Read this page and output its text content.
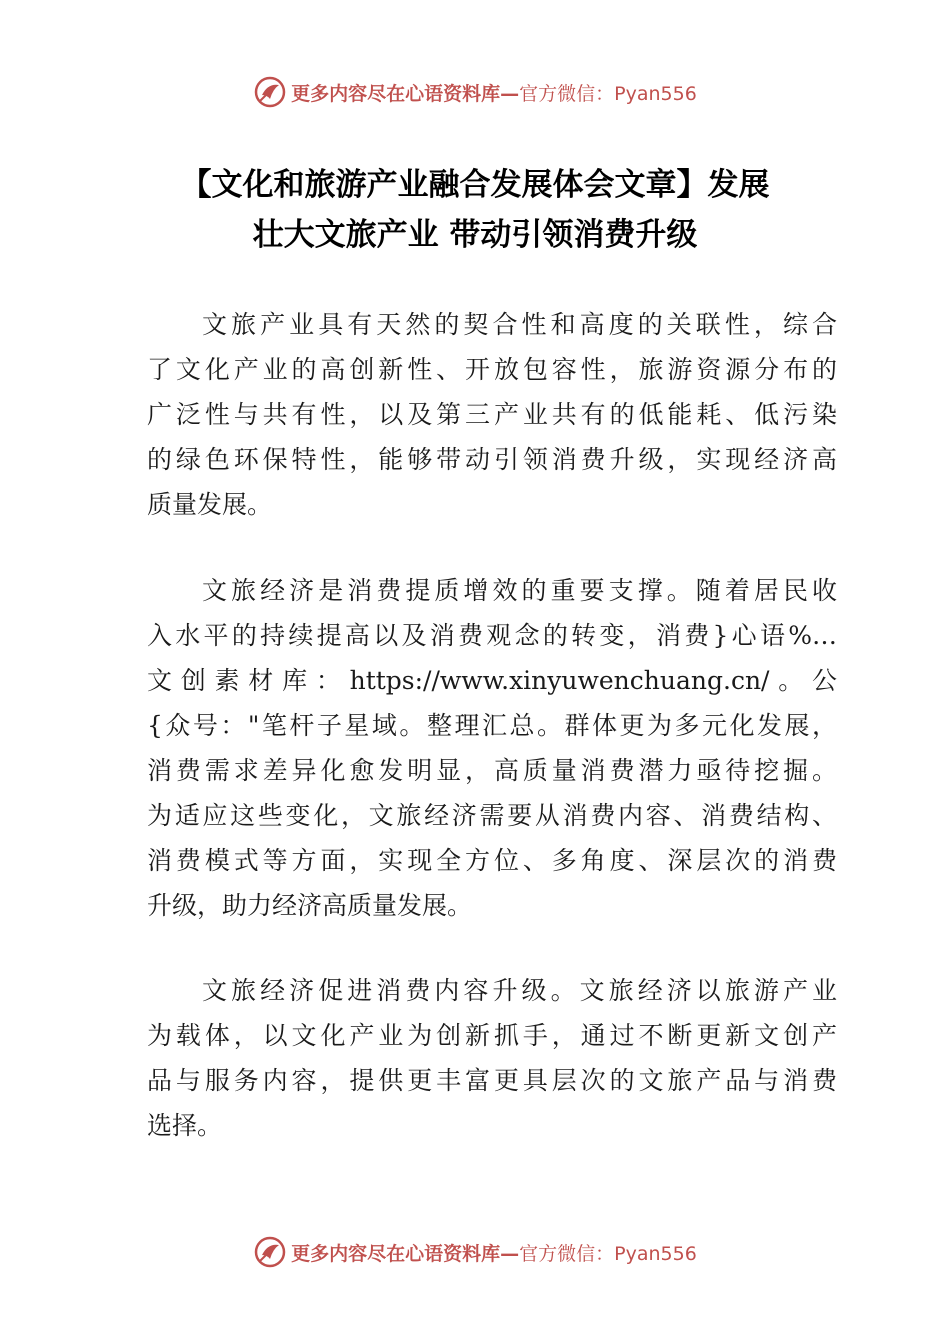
更多内容尽在心语资料库—官方微信：Pyan556
【文化和旅游产业融合发展体会文章】发展
壮大文旅产业 带动引领消费升级

文旅产业具有天然的契合性和高度的关联性，综合
了文化产业的高创新性、开放包容性，旅游资源分布的
广泛性与共有性，以及第三产业共有的低能耗、低污染
的绿色环保特性，能够带动引领消费升级，实现经济高
质量发展。

文旅经济是消费提质增效的重要支撑。随着居民收
入水平的持续提高以及消费观念的转变，消费}心语%…
文创素材库：https://www.xinyuwenchuang.cn/。公
{众号："笔杆子星域。整理汇总。群体更为多元化发展，
消费需求差异化愈发明显，高质量消费潜力亟待挖掘。
为适应这些变化，文旅经济需要从消费内容、消费结构、
消费模式等方面，实现全方位、多角度、深层次的消费
升级，助力经济高质量发展。

文旅经济促进消费内容升级。文旅经济以旅游产业
为载体，以文化产业为创新抓手，通过不断更新文创产
品与服务内容，提供更丰富更具层次的文旅产品与消费
选择。

更多内容尽在心语资料库—官方微信：Pyan556
